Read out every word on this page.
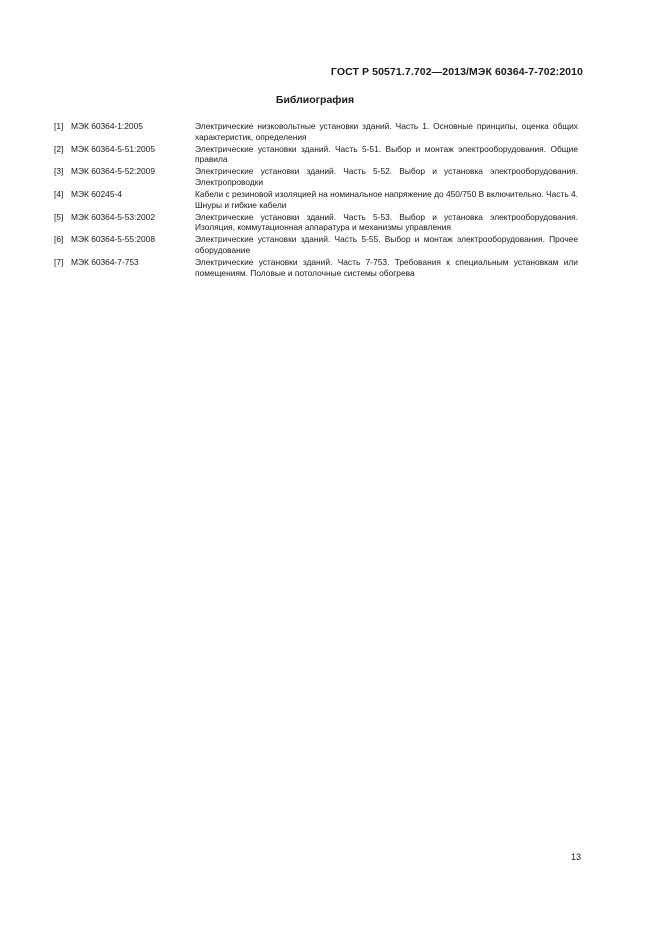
ГОСТ Р 50571.7.702—2013/МЭК 60364-7-702:2010
Библиография
[1] МЭК 60364-1:2005	Электрические низковольтные установки зданий. Часть 1. Основные принципы, оценка общих характеристик, определения
[2] МЭК 60364-5-51:2005	Электрические установки зданий. Часть 5-51. Выбор и монтаж электрооборудования. Общие правила
[3] МЭК 60364-5-52:2009	Электрические установки зданий. Часть 5-52. Выбор и установка электрооборудования. Электропроводки
[4] МЭК 60245-4	Кабели с резиновой изоляцией на номинальное напряжение до 450/750 В включительно. Часть 4. Шнуры и гибкие кабели
[5] МЭК 60364-5-53:2002	Электрические установки зданий. Часть 5-53. Выбор и установка электрооборудования. Изоляция, коммутационная аппаратура и механизмы управления
[6] МЭК 60364-5-55:2008	Электрические установки зданий. Часть 5-55. Выбор и монтаж электрооборудования. Прочее оборудование
[7] МЭК 60364-7-753	Электрические установки зданий. Часть 7-753. Требования к специальным установкам или помещениям. Половые и потолочные системы обогрева
13
